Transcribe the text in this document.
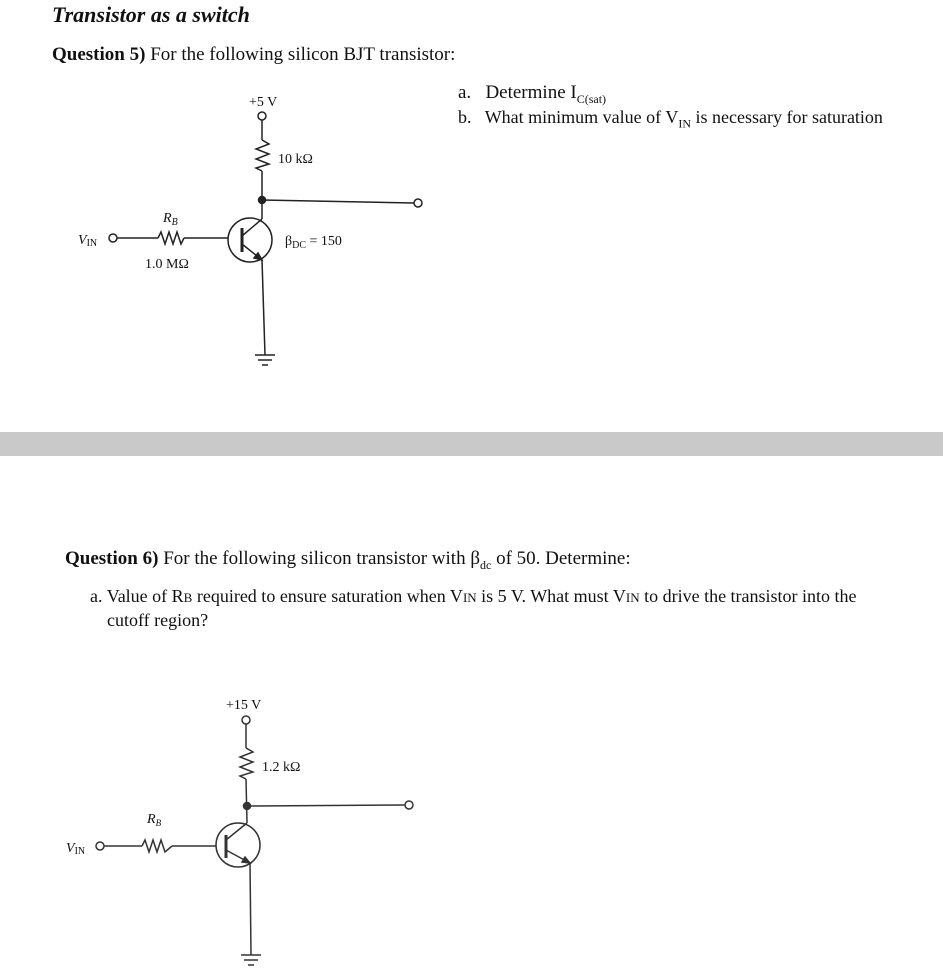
Transistor as a switch
Question 5) For the following silicon BJT transistor:
a. Determine $I_{C(sat)}$
b. What minimum value of $V_{IN}$ is necessary for saturation
+5 V
10 kΩ
$R_B$
1.0 MΩ
VIN	$\beta_{DC} = 150$
+15 V
1.2 kΩ
$R_B$
VIN
Question 6) For the following silicon transistor with $\beta_{dc}$ of 50. Determine:
a. Value of RB required to ensure saturation when VIN is 5 V. What must VIN to drive the transistor into the
cutoff region?
